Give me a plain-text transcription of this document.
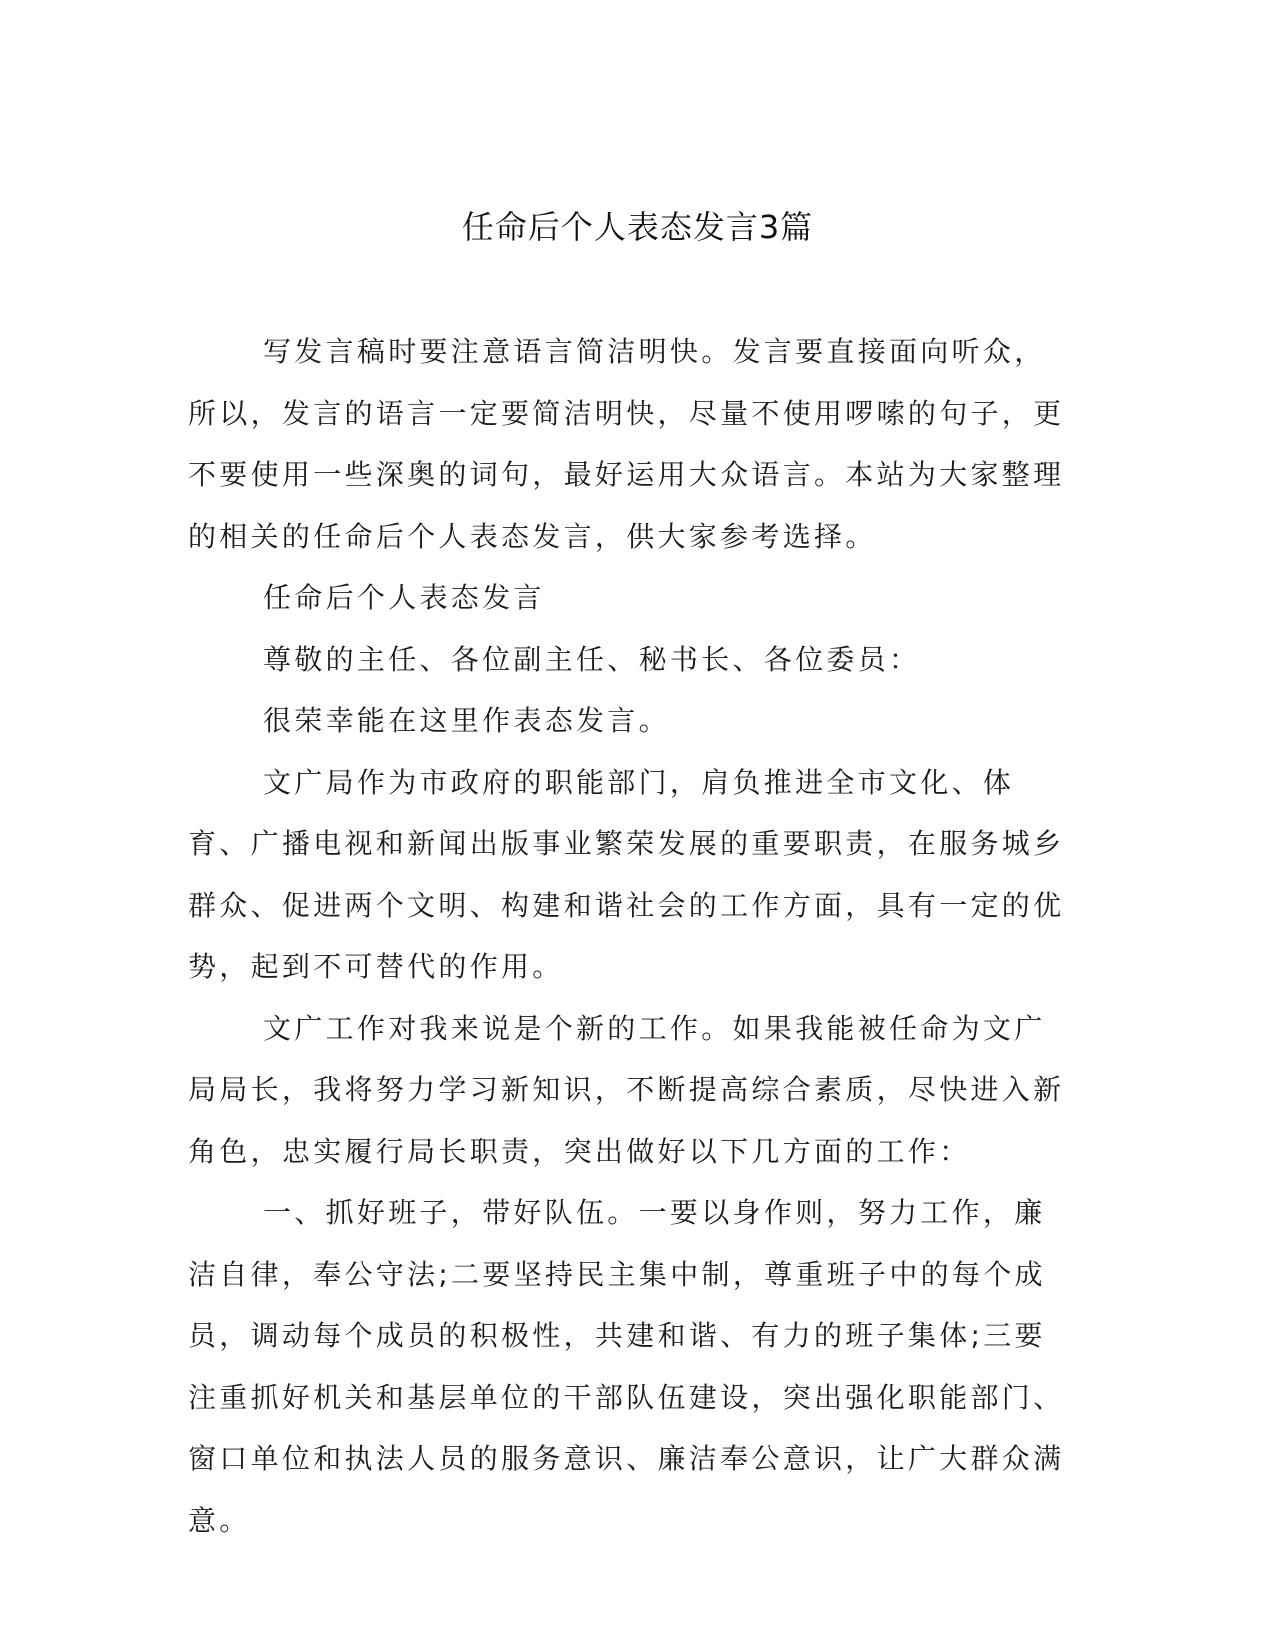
任命后个人表态发言3篇

写发言稿时要注意语言简洁明快。发言要直接面向听众，所以，发言的语言一定要简洁明快，尽量不使用啰嗦的句子，更不要使用一些深奥的词句，最好运用大众语言。本站为大家整理的相关的任命后个人表态发言，供大家参考选择。

任命后个人表态发言

尊敬的主任、各位副主任、秘书长、各位委员：

很荣幸能在这里作表态发言。

文广局作为市政府的职能部门，肩负推进全市文化、体育、广播电视和新闻出版事业繁荣发展的重要职责，在服务城乡群众、促进两个文明、构建和谐社会的工作方面，具有一定的优势，起到不可替代的作用。

文广工作对我来说是个新的工作。如果我能被任命为文广局局长，我将努力学习新知识，不断提高综合素质，尽快进入新角色，忠实履行局长职责，突出做好以下几方面的工作：

一、抓好班子，带好队伍。一要以身作则，努力工作，廉洁自律，奉公守法;二要坚持民主集中制，尊重班子中的每个成员，调动每个成员的积极性，共建和谐、有力的班子集体;三要注重抓好机关和基层单位的干部队伍建设，突出强化职能部门、窗口单位和执法人员的服务意识、廉洁奉公意识，让广大群众满意。
